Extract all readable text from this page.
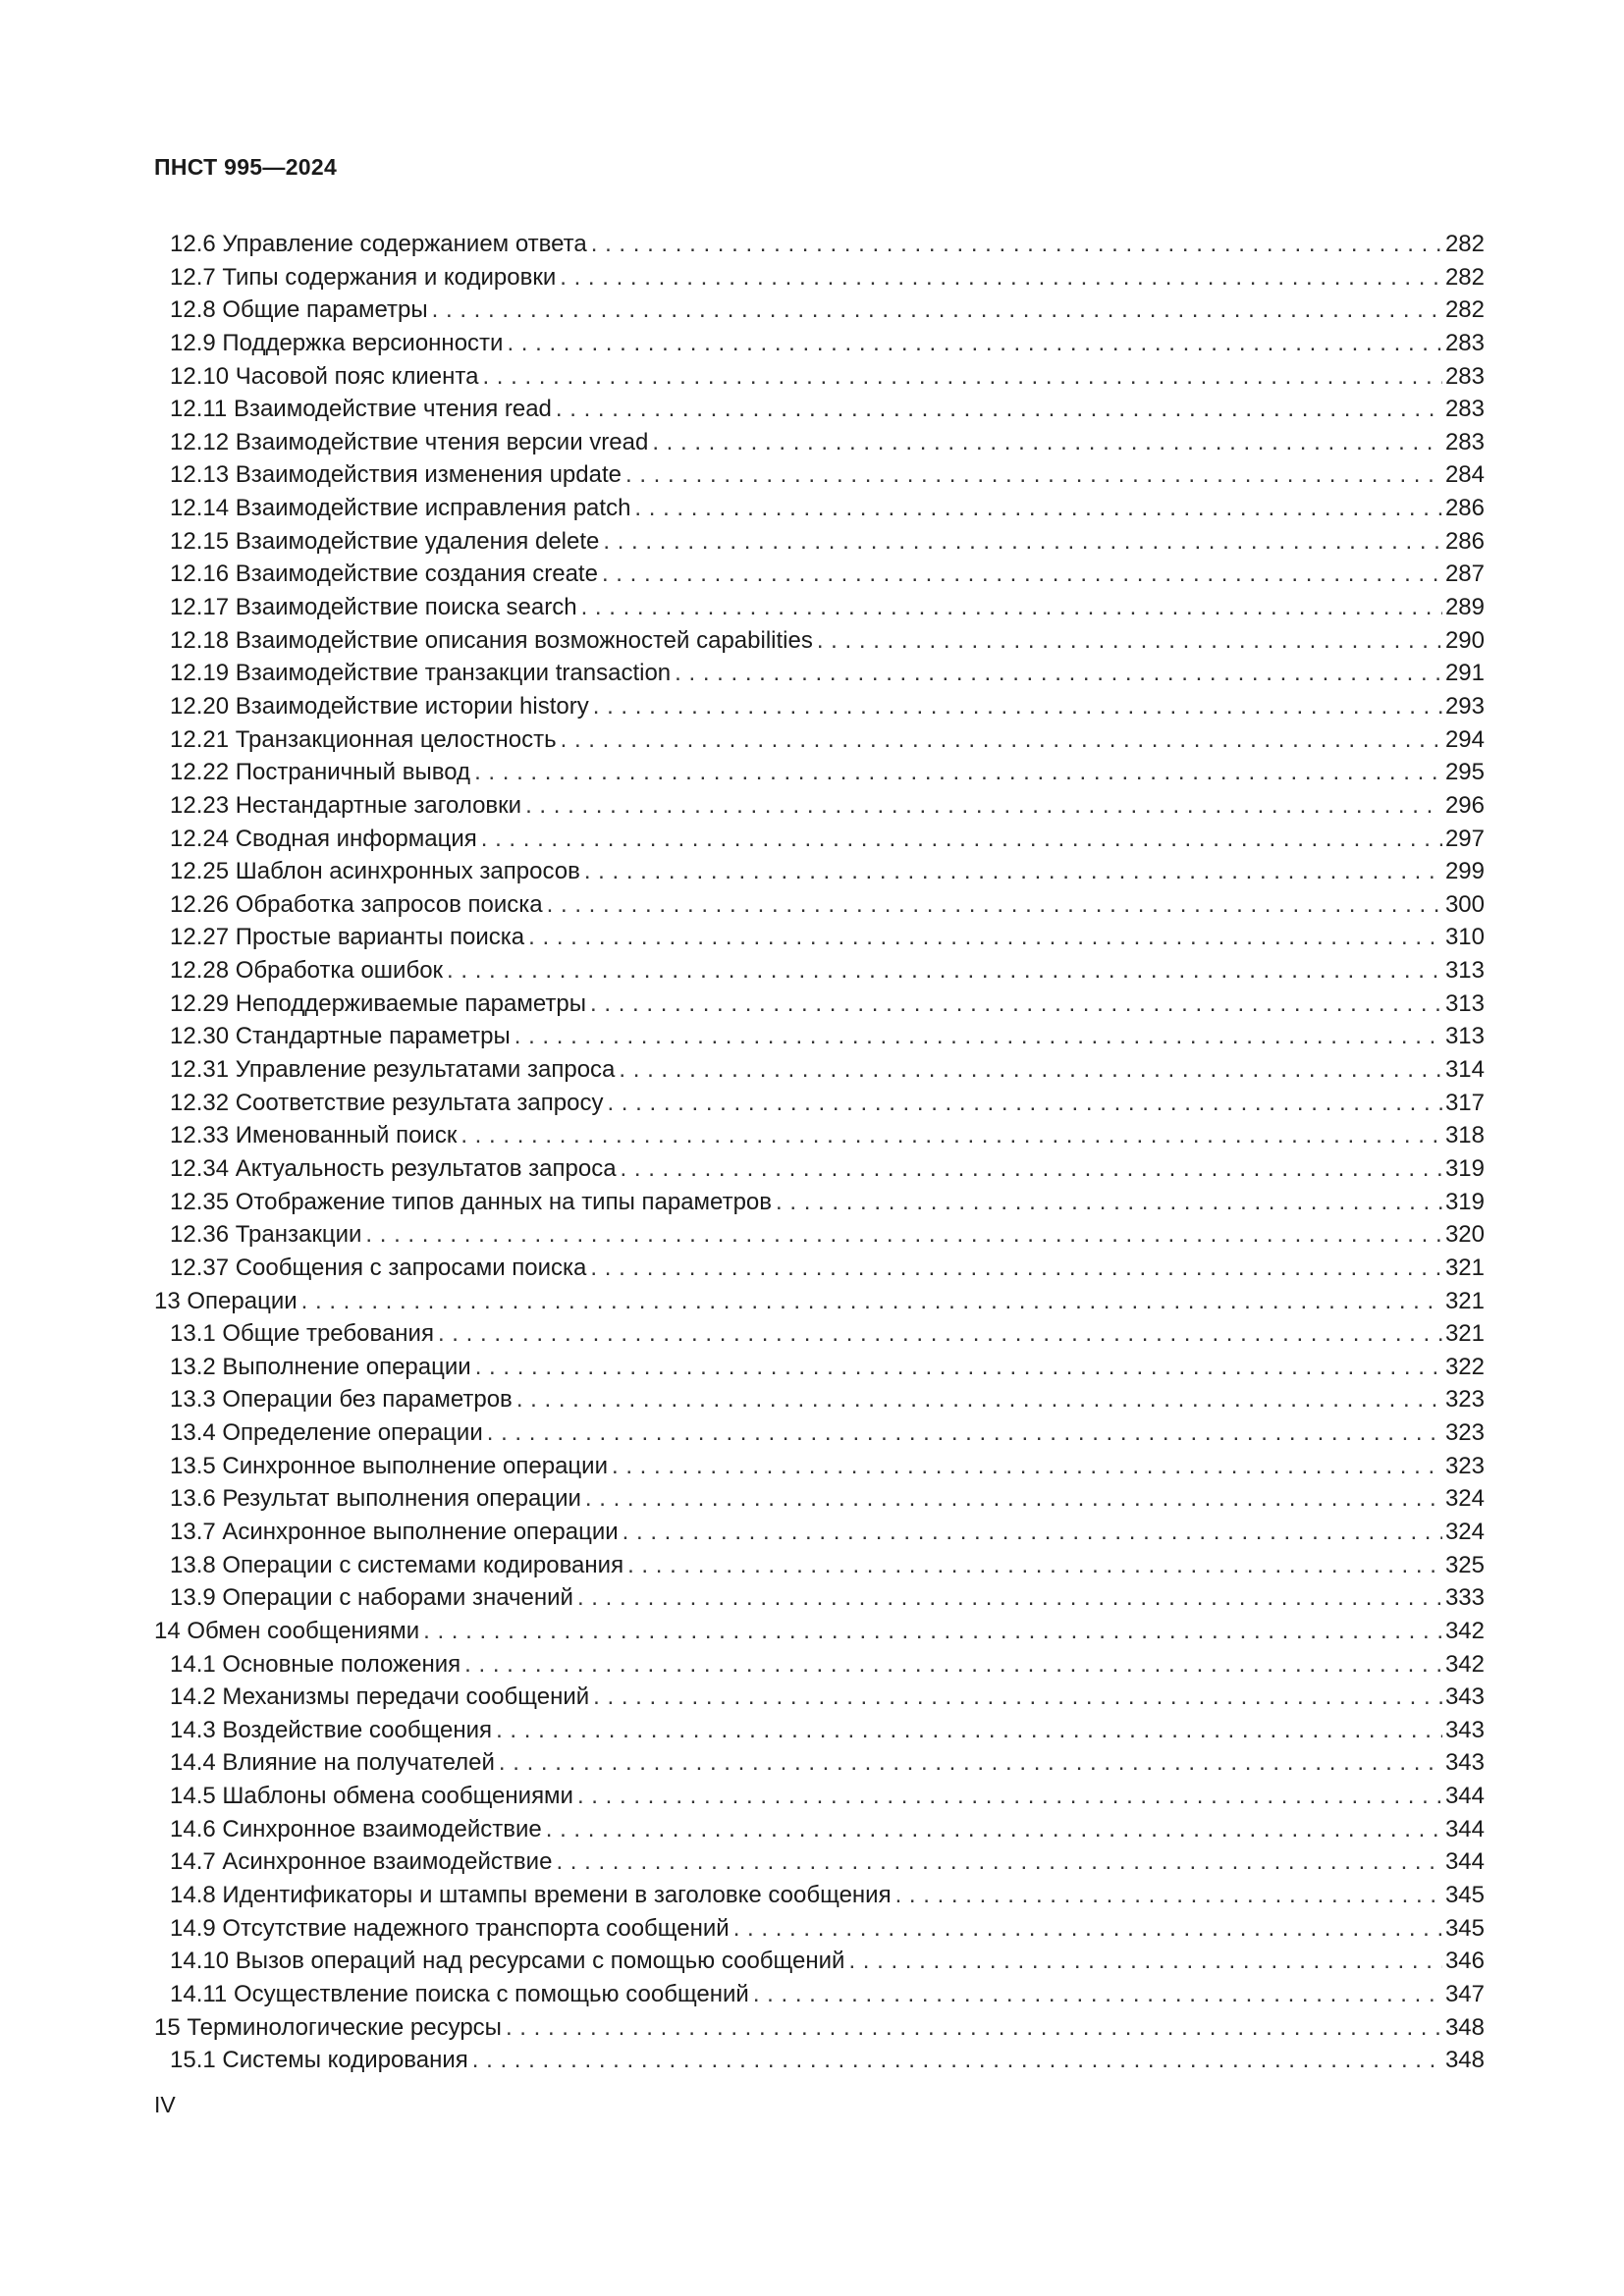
ПНСТ 995—2024
12.6 Управление содержанием ответа . . .	282
12.7 Типы содержания и кодировки . . .	282
12.8 Общие параметры . . .	282
12.9 Поддержка версионности . . .	283
12.10 Часовой пояс клиента . . .	283
12.11 Взаимодействие чтения read . . .	283
12.12 Взаимодействие чтения версии vread . . .	283
12.13 Взаимодействия изменения update . . .	284
12.14 Взаимодействие исправления patch . . .	286
12.15 Взаимодействие удаления delete . . .	286
12.16 Взаимодействие создания create . . .	287
12.17 Взаимодействие поиска search . . .	289
12.18 Взаимодействие описания возможностей capabilities . . .	290
12.19 Взаимодействие транзакции transaction . . .	291
12.20 Взаимодействие истории history . . .	293
12.21 Транзакционная целостность . . .	294
12.22 Постраничный вывод . . .	295
12.23 Нестандартные заголовки . . .	296
12.24 Сводная информация . . .	297
12.25 Шаблон асинхронных запросов . . .	299
12.26 Обработка запросов поиска . . .	300
12.27 Простые варианты поиска . . .	310
12.28 Обработка ошибок . . .	313
12.29 Неподдерживаемые параметры . . .	313
12.30 Стандартные параметры . . .	313
12.31 Управление результатами запроса . . .	314
12.32 Соответствие результата запросу . . .	317
12.33 Именованный поиск . . .	318
12.34 Актуальность результатов запроса . . .	319
12.35 Отображение типов данных на типы параметров . . .	319
12.36 Транзакции . . .	320
12.37 Сообщения с запросами поиска . . .	321
13 Операции . . .	321
13.1 Общие требования . . .	321
13.2 Выполнение операции . . .	322
13.3 Операции без параметров . . .	323
13.4 Определение операции . . .	323
13.5 Синхронное выполнение операции . . .	323
13.6 Результат выполнения операции . . .	324
13.7 Асинхронное выполнение операции . . .	324
13.8 Операции с системами кодирования . . .	325
13.9 Операции с наборами значений . . .	333
14 Обмен сообщениями . . .	342
14.1 Основные положения . . .	342
14.2 Механизмы передачи сообщений . . .	343
14.3 Воздействие сообщения . . .	343
14.4 Влияние на получателей . . .	343
14.5 Шаблоны обмена сообщениями . . .	344
14.6 Синхронное взаимодействие . . .	344
14.7 Асинхронное взаимодействие . . .	344
14.8 Идентификаторы и штампы времени в заголовке сообщения . . .	345
14.9 Отсутствие надежного транспорта сообщений . . .	345
14.10 Вызов операций над ресурсами с помощью сообщений . . .	346
14.11 Осуществление поиска с помощью сообщений . . .	347
15 Терминологические ресурсы . . .	348
15.1 Системы кодирования . . .	348
IV
